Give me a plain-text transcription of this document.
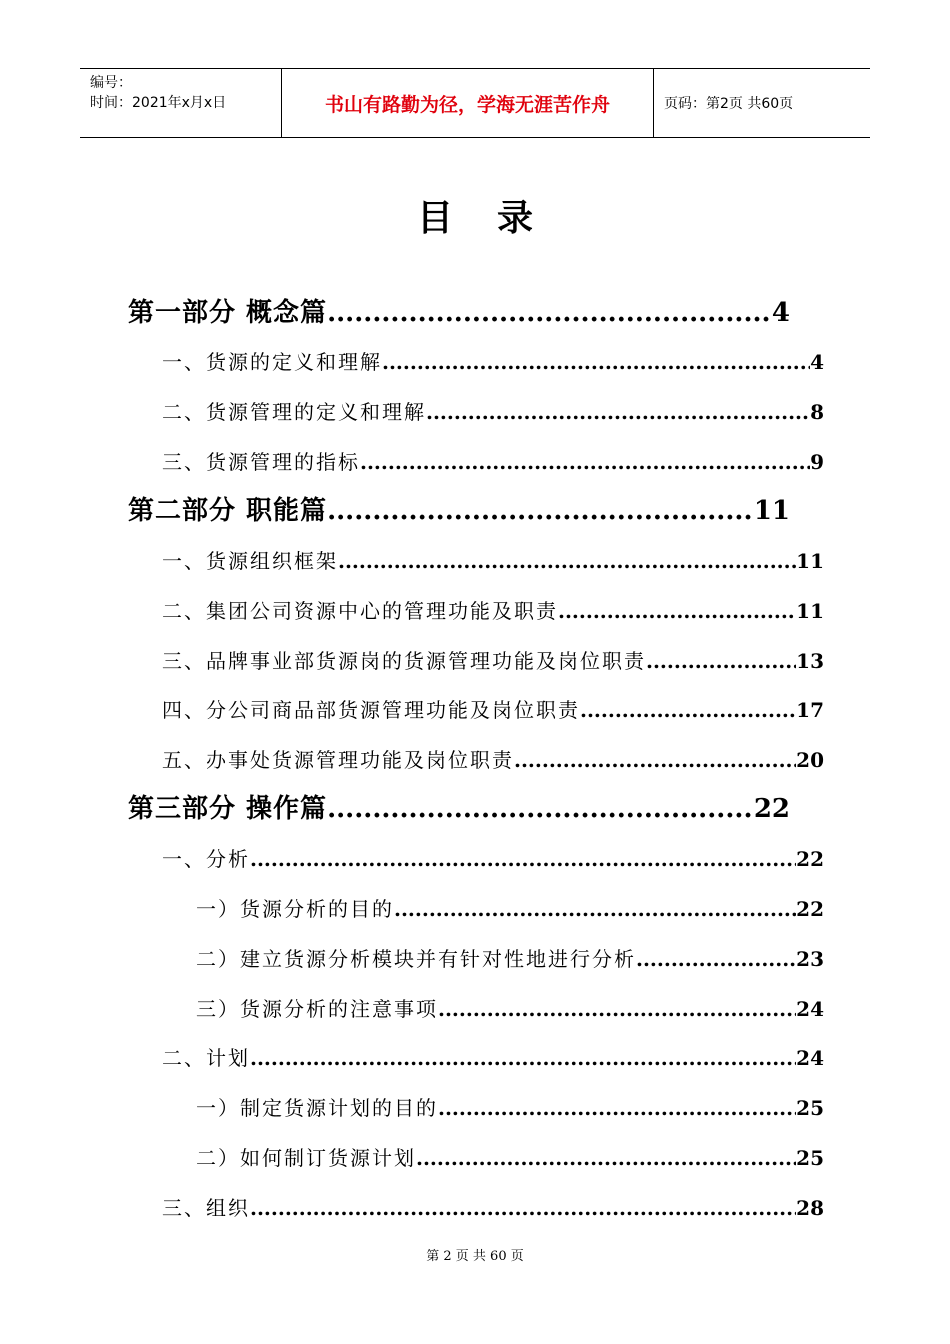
编号：
时间：2021年x月x日	书山有路勤为径，学海无涯苦作舟	页码：第2页 共60页
目录
第一部分 概念篇 .....	4
一、货源的定义和理解 .....	4
二、货源管理的定义和理解 .....	8
三、货源管理的指标 .....	9
第二部分 职能篇 .....	11
一、货源组织框架 .....	11
二、集团公司资源中心的管理功能及职责 .....	11
三、品牌事业部货源岗的货源管理功能及岗位职责 .....	13
四、分公司商品部货源管理功能及岗位职责 .....	17
五、办事处货源管理功能及岗位职责 .....	20
第三部分 操作篇 .....	22
一、分析 .....	22
一）货源分析的目的 .....	22
二）建立货源分析模块并有针对性地进行分析 .....	23
三）货源分析的注意事项 .....	24
二、计划 .....	24
一）制定货源计划的目的 .....	25
二）如何制订货源计划 .....	25
三、组织 .....	28
第 2 页 共 60 页
